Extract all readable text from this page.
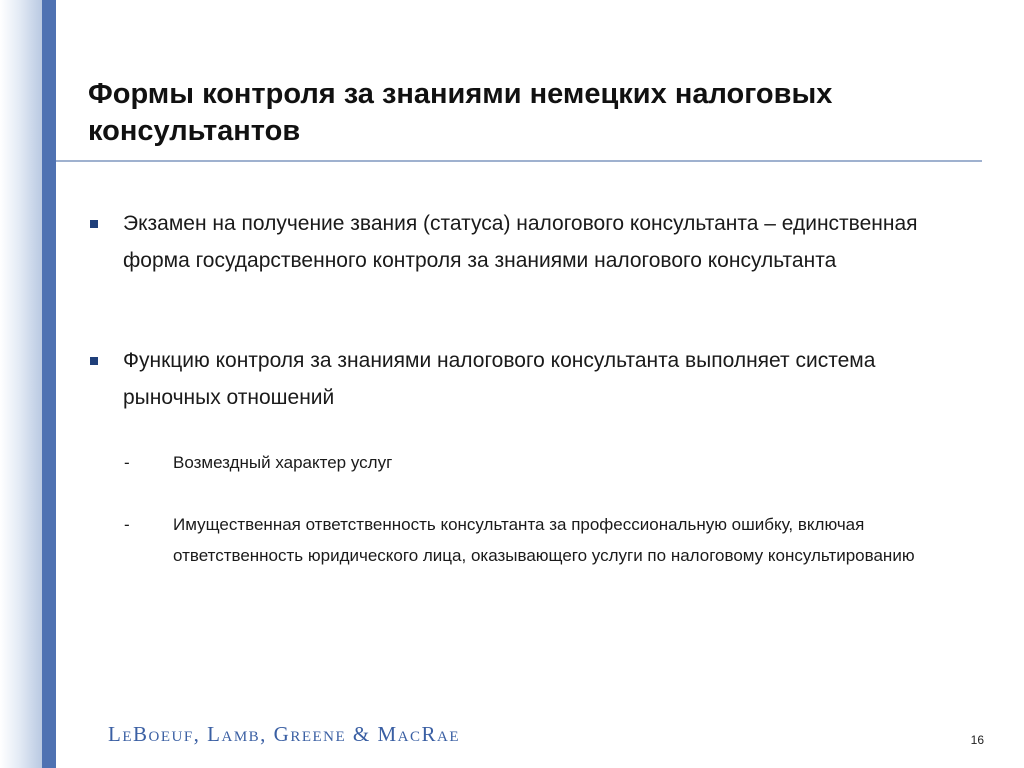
Формы контроля за знаниями немецких налоговых консультантов
Экзамен на получение звания (статуса) налогового консультанта – единственная форма государственного контроля за знаниями налогового консультанта
Функцию контроля за знаниями налогового консультанта выполняет система рыночных отношений
-	Возмездный характер услуг
-	Имущественная ответственность консультанта за профессиональную ошибку, включая ответственность юридического лица, оказывающего услуги по налоговому консультированию
LeBoeuf, Lamb, Greene & MacRae	16
